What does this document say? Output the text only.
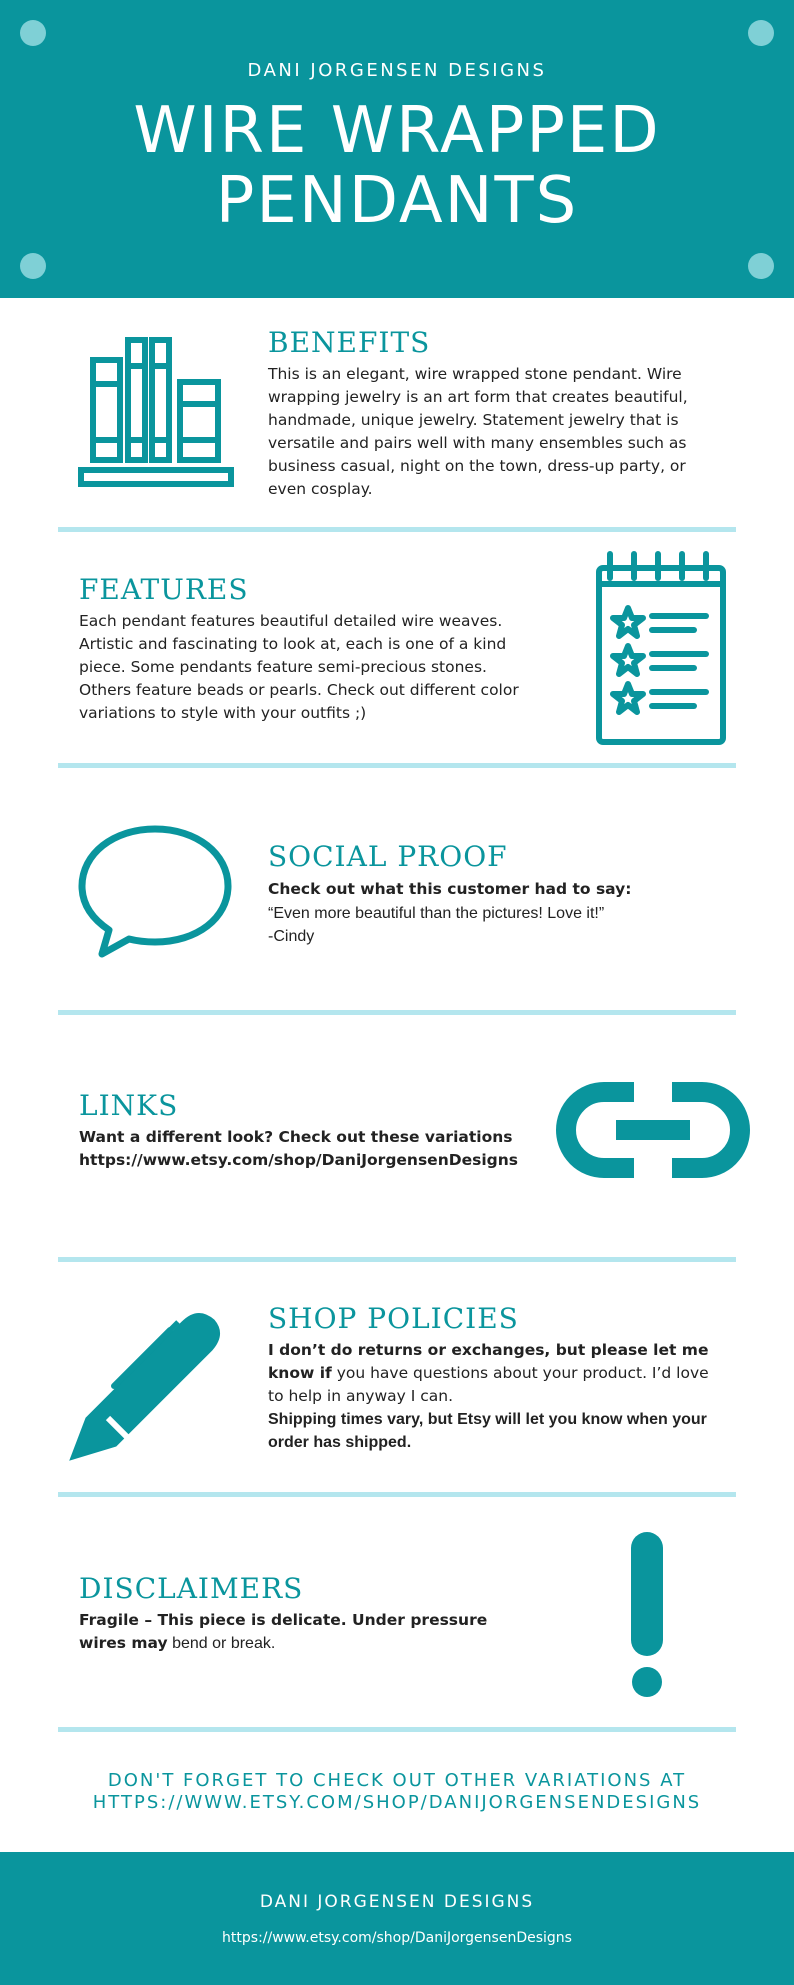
DANI JORGENSEN DESIGNS
WIRE WRAPPED
PENDANTS
BENEFITS

This is an elegant, wire wrapped stone pendant. Wire wrapping jewelry is an art form that creates beautiful, handmade, unique jewelry. Statement jewelry that is versatile and pairs well with many ensembles such as business casual, night on the town, dress-up party, or even cosplay.

FEATURES

Each pendant features beautiful detailed wire weaves. Artistic and fascinating to look at, each is one of a kind piece. Some pendants feature semi-precious stones. Others feature beads or pearls. Check out different color variations to style with your outfits ;)

SOCIAL PROOF

Check out what this customer had to say:

“Even more beautiful than the pictures! Love it!”

-Cindy

LINKS

Want a different look? Check out these variations
https://www.etsy.com/shop/DaniJorgensenDesigns

SHOP POLICIES

I don’t do returns or exchanges, but please let me know if you have questions about your product. I’d love to help in anyway I can.

Shipping times vary, but Etsy will let you know when your order has shipped.

DISCLAIMERS

Fragile – This piece is delicate. Under pressure wires may bend or break.

DON'T FORGET TO CHECK OUT OTHER VARIATIONS AT
HTTPS://WWW.ETSY.COM/SHOP/DANIJORGENSENDESIGNS
DANI JORGENSEN DESIGNS
https://www.etsy.com/shop/DaniJorgensenDesigns
